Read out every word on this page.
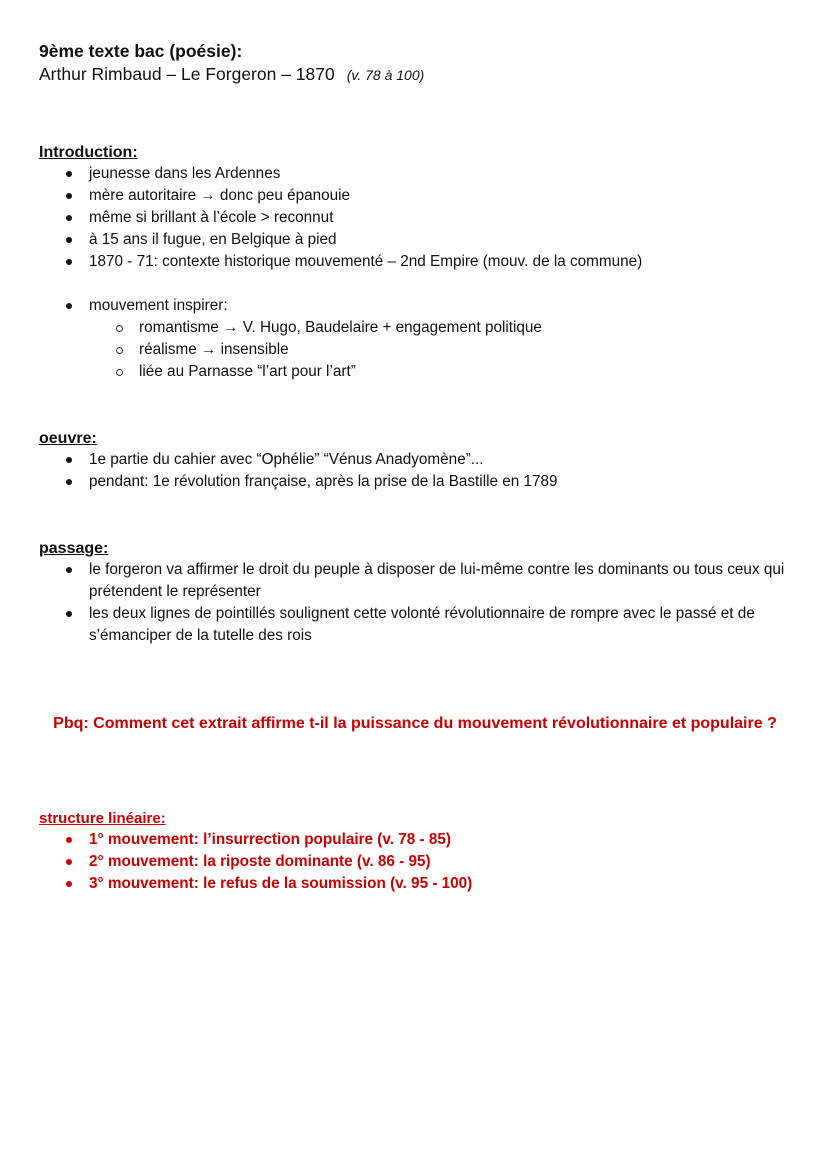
9ème texte bac (poésie):

Arthur Rimbaud – Le Forgeron – 1870 (v. 78 à 100)

Introduction:

jeunesse dans les Ardennes
mère autoritaire → donc peu épanouie
même si brillant à l’école > reconnut
à 15 ans il fugue, en Belgique à pied
1870 - 71: contexte historique mouvementé – 2nd Empire (mouv. de la commune)
mouvement inspirer:
romantisme → V. Hugo, Baudelaire + engagement politique
réalisme → insensible
liée au Parnasse “l’art pour l’art”

oeuvre:

1e partie du cahier avec “Ophélie” “Vénus Anadyomène”...
pendant: 1e révolution française, après la prise de la Bastille en 1789

passage:

le forgeron va affirmer le droit du peuple à disposer de lui-même contre les dominants ou tous ceux qui prétendent le représenter
les deux lignes de pointillés soulignent cette volonté révolutionnaire de rompre avec le passé et de s’émanciper de la tutelle des rois

Pbq: Comment cet extrait affirme t-il la puissance du mouvement révolutionnaire et populaire ?

structure linéaire:

1° mouvement: l’insurrection populaire (v. 78 - 85)
2° mouvement: la riposte dominante (v. 86 - 95)
3° mouvement: le refus de la soumission (v. 95 - 100)
